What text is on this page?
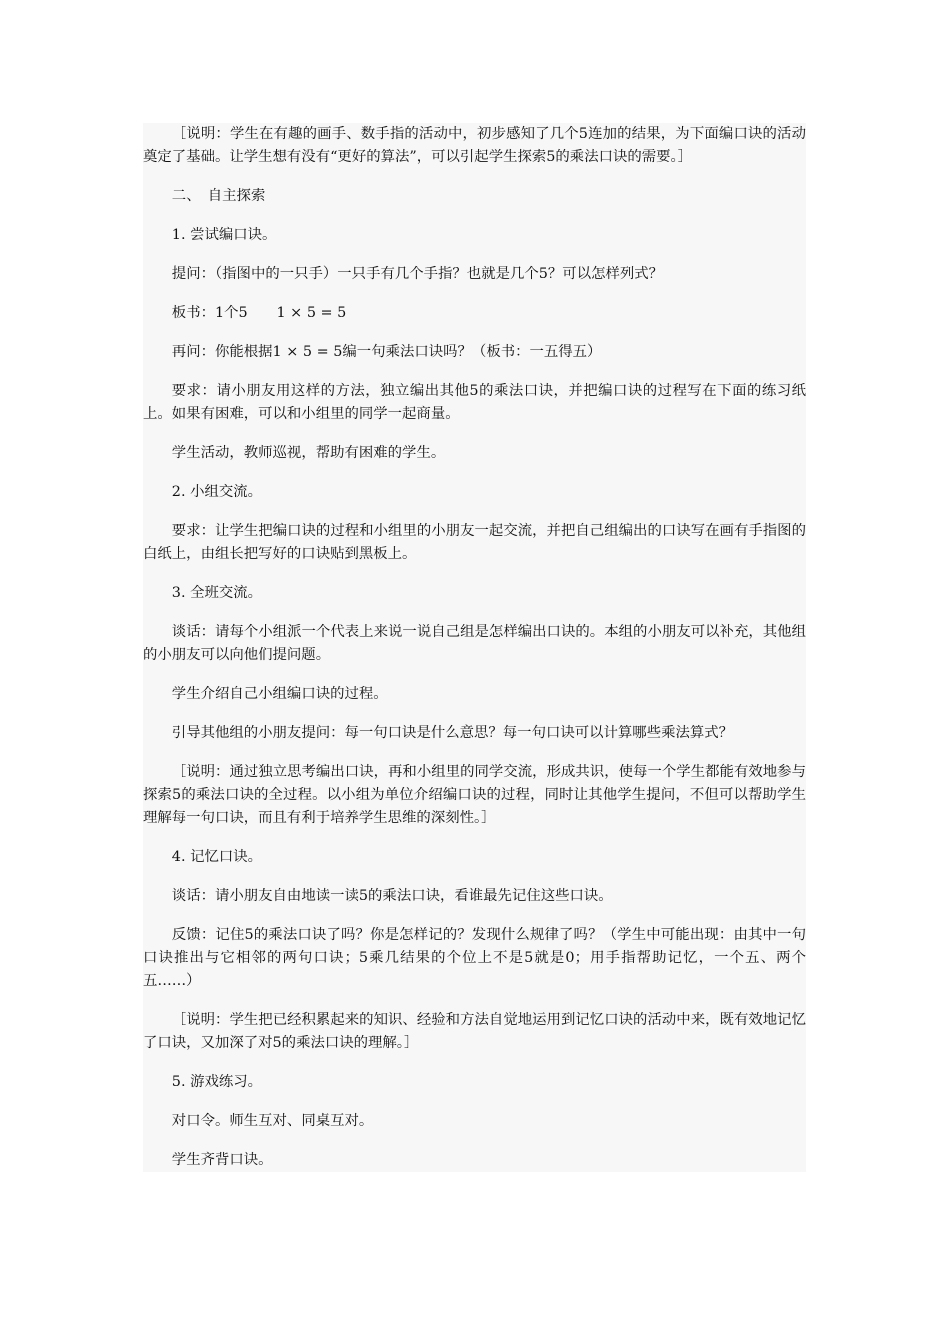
［说明：学生在有趣的画手、数手指的活动中，初步感知了几个5连加的结果，为下面编口诀的活动奠定了基础。让学生想有没有“更好的算法”，可以引起学生探索5的乘法口诀的需要。］

二、　自主探索

1. 尝试编口诀。

提问：（指图中的一只手）一只手有几个手指？也就是几个5？可以怎样列式？

板书：1个5　　1 × 5 = 5

再问：你能根据1 × 5 = 5编一句乘法口诀吗？（板书：一五得五）

要求：请小朋友用这样的方法，独立编出其他5的乘法口诀，并把编口诀的过程写在下面的练习纸上。如果有困难，可以和小组里的同学一起商量。

学生活动，教师巡视，帮助有困难的学生。

2. 小组交流。

要求：让学生把编口诀的过程和小组里的小朋友一起交流，并把自己组编出的口诀写在画有手指图的白纸上，由组长把写好的口诀贴到黑板上。

3. 全班交流。

谈话：请每个小组派一个代表上来说一说自己组是怎样编出口诀的。本组的小朋友可以补充，其他组的小朋友可以向他们提问题。

学生介绍自己小组编口诀的过程。

引导其他组的小朋友提问：每一句口诀是什么意思？每一句口诀可以计算哪些乘法算式？

［说明：通过独立思考编出口诀，再和小组里的同学交流，形成共识，使每一个学生都能有效地参与探索5的乘法口诀的全过程。以小组为单位介绍编口诀的过程，同时让其他学生提问，不但可以帮助学生理解每一句口诀，而且有利于培养学生思维的深刻性。］

4. 记忆口诀。

谈话：请小朋友自由地读一读5的乘法口诀，看谁最先记住这些口诀。

反馈：记住5的乘法口诀了吗？你是怎样记的？发现什么规律了吗？（学生中可能出现：由其中一句口诀推出与它相邻的两句口诀；5乘几结果的个位上不是5就是0；用手指帮助记忆，一个五、两个五……）

［说明：学生把已经积累起来的知识、经验和方法自觉地运用到记忆口诀的活动中来，既有效地记忆了口诀，又加深了对5的乘法口诀的理解。］

5. 游戏练习。

对口令。师生互对、同桌互对。

学生齐背口诀。
